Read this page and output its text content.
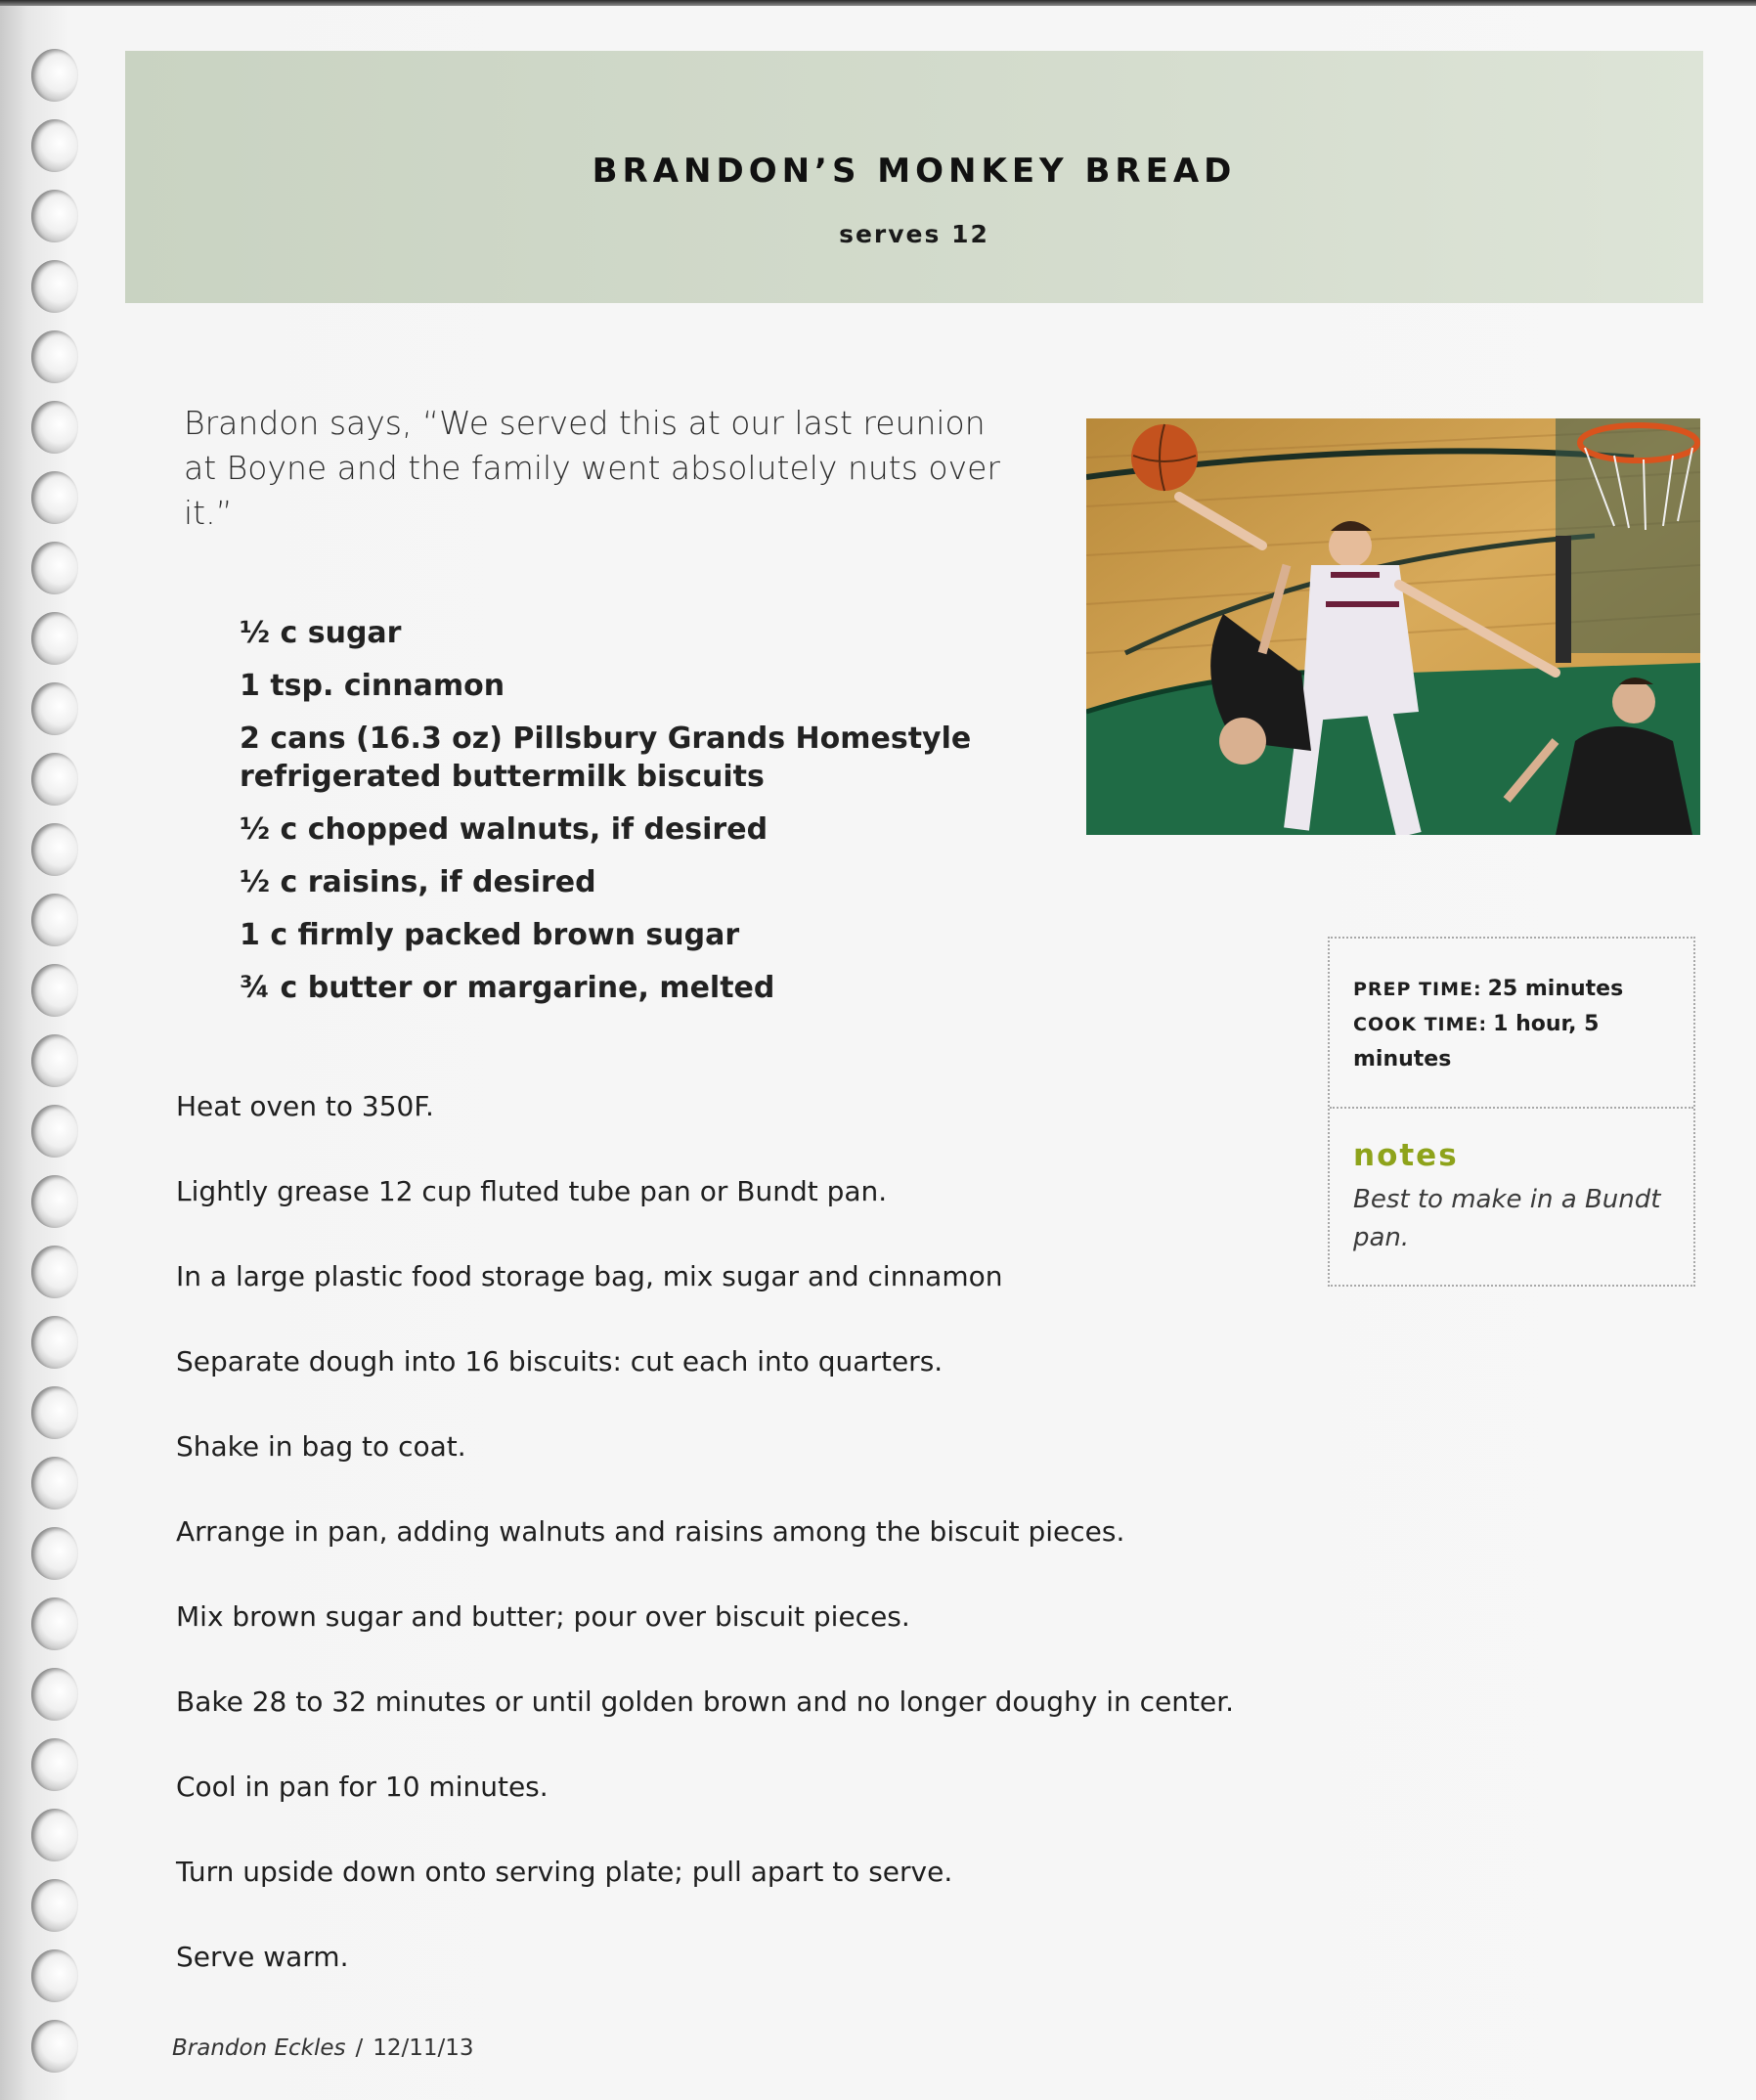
BRANDON’S MONKEY BREAD
serves 12
Brandon says, “We served this at our last reunion at Boyne and the family went absolutely nuts over it.”
½ c sugar
1 tsp. cinnamon
2 cans (16.3 oz) Pillsbury Grands Homestyle refrigerated buttermilk biscuits
½ c chopped walnuts, if desired
½ c raisins, if desired
1 c firmly packed brown sugar
¾ c butter or margarine, melted
Heat oven to 350F.
Lightly grease 12 cup fluted tube pan or Bundt pan.
In a large plastic food storage bag, mix sugar and cinnamon
Separate dough into 16 biscuits: cut each into quarters.
Shake in bag to coat.
Arrange in pan, adding walnuts and raisins among the biscuit pieces.
Mix brown sugar and butter; pour over biscuit pieces.
Bake 28 to 32 minutes or until golden brown and no longer doughy in center.
Cool in pan for 10 minutes.
Turn upside down onto serving plate; pull apart to serve.
Serve warm.
Brandon Eckles / 12/11/13
PREP TIME: 25 minutes
COOK TIME: 1 hour, 5 minutes
notes
Best to make in a Bundt pan.
